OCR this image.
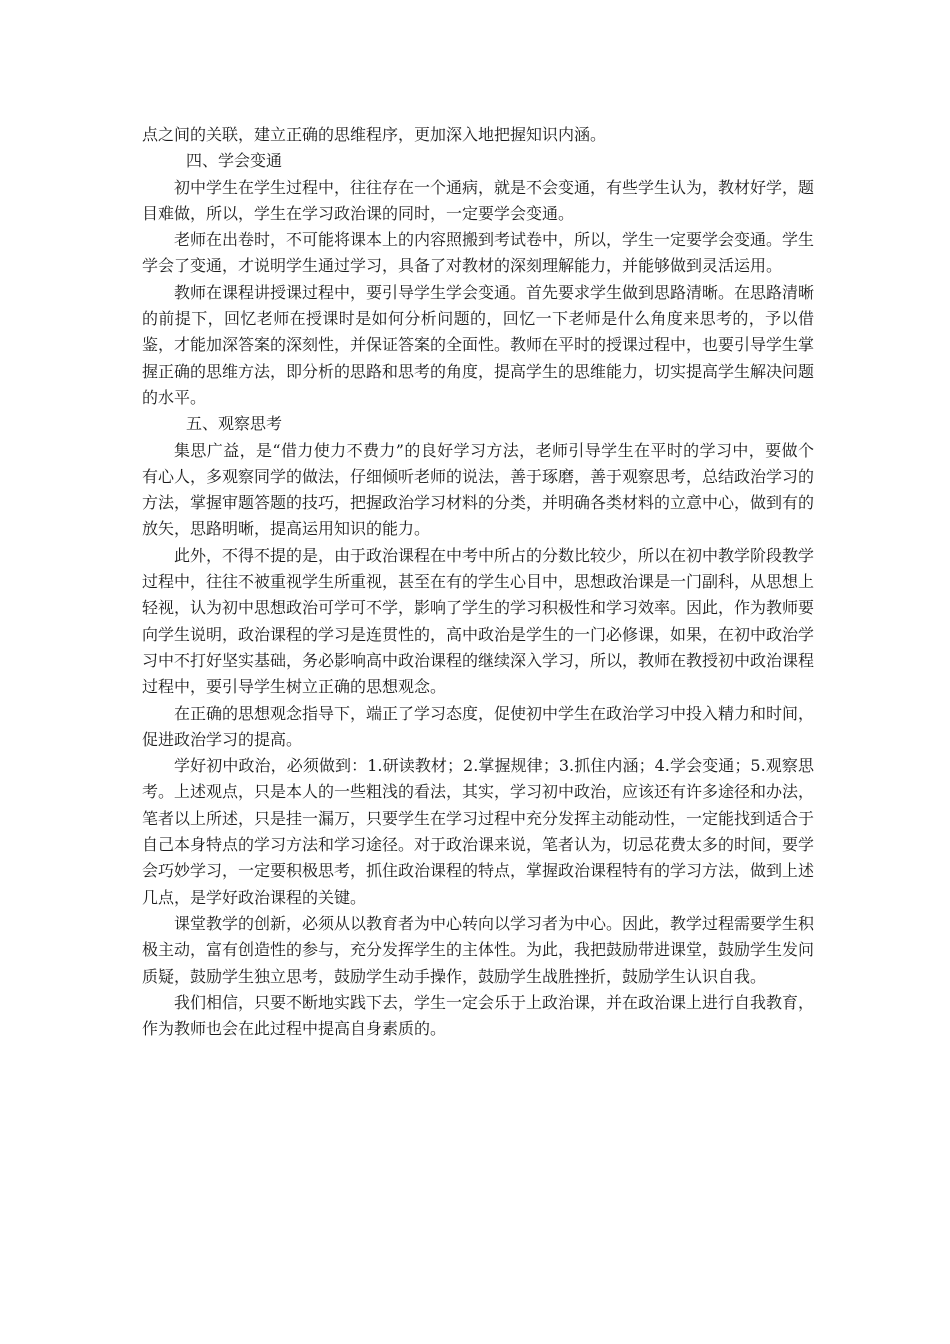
点之间的关联，建立正确的思维程序，更加深入地把握知识内涵。

四、学会变通

初中学生在学生过程中，往往存在一个通病，就是不会变通，有些学生认为，教材好学，题目难做，所以，学生在学习政治课的同时，一定要学会变通。

老师在出卷时，不可能将课本上的内容照搬到考试卷中，所以，学生一定要学会变通。学生学会了变通，才说明学生通过学习，具备了对教材的深刻理解能力，并能够做到灵活运用。

教师在课程讲授课过程中，要引导学生学会变通。首先要求学生做到思路清晰。在思路清晰的前提下，回忆老师在授课时是如何分析问题的，回忆一下老师是什么角度来思考的，予以借鉴，才能加深答案的深刻性，并保证答案的全面性。教师在平时的授课过程中，也要引导学生掌握正确的思维方法，即分析的思路和思考的角度，提高学生的思维能力，切实提高学生解决问题的水平。

五、观察思考

集思广益，是“借力使力不费力”的良好学习方法，老师引导学生在平时的学习中，要做个有心人，多观察同学的做法，仔细倾听老师的说法，善于琢磨，善于观察思考，总结政治学习的方法，掌握审题答题的技巧，把握政治学习材料的分类，并明确各类材料的立意中心，做到有的放矢，思路明晰，提高运用知识的能力。

此外，不得不提的是，由于政治课程在中考中所占的分数比较少，所以在初中教学阶段教学过程中，往往不被重视学生所重视，甚至在有的学生心目中，思想政治课是一门副科，从思想上轻视，认为初中思想政治可学可不学，影响了学生的学习积极性和学习效率。因此，作为教师要向学生说明，政治课程的学习是连贯性的，高中政治是学生的一门必修课，如果，在初中政治学习中不打好坚实基础，务必影响高中政治课程的继续深入学习，所以，教师在教授初中政治课程过程中，要引导学生树立正确的思想观念。

在正确的思想观念指导下，端正了学习态度，促使初中学生在政治学习中投入精力和时间，促进政治学习的提高。

学好初中政治，必须做到：1.研读教材；2.掌握规律；3.抓住内涵；4.学会变通；5.观察思考。上述观点，只是本人的一些粗浅的看法，其实，学习初中政治，应该还有许多途径和办法，笔者以上所述，只是挂一漏万，只要学生在学习过程中充分发挥主动能动性，一定能找到适合于自己本身特点的学习方法和学习途径。对于政治课来说，笔者认为，切忌花费太多的时间，要学会巧妙学习，一定要积极思考，抓住政治课程的特点，掌握政治课程特有的学习方法，做到上述几点，是学好政治课程的关键。

课堂教学的创新，必须从以教育者为中心转向以学习者为中心。因此，教学过程需要学生积极主动，富有创造性的参与，充分发挥学生的主体性。为此，我把鼓励带进课堂，鼓励学生发问质疑，鼓励学生独立思考，鼓励学生动手操作，鼓励学生战胜挫折，鼓励学生认识自我。

我们相信，只要不断地实践下去，学生一定会乐于上政治课，并在政治课上进行自我教育，作为教师也会在此过程中提高自身素质的。
